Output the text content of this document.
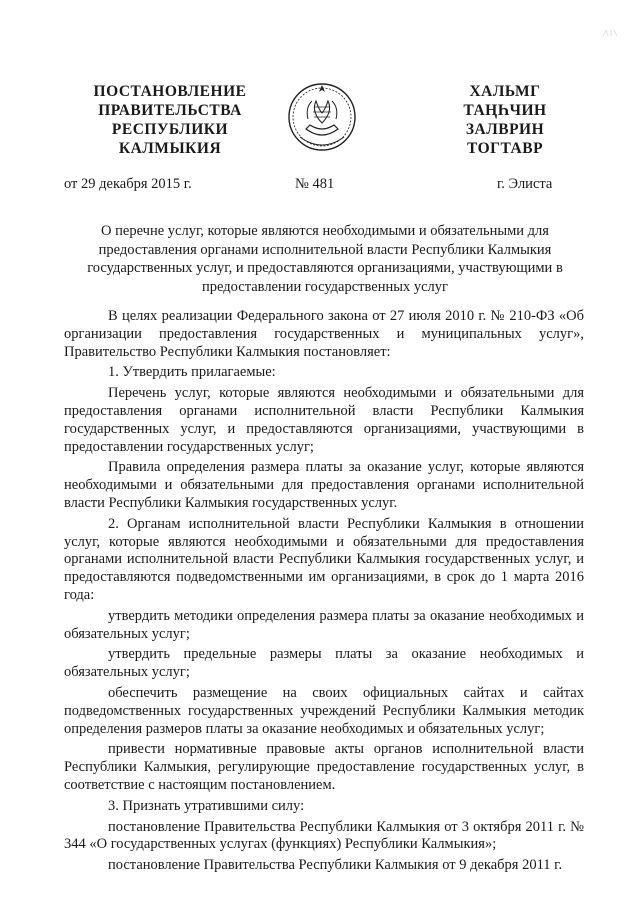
ПОСТАНОВЛЕНИЕ
ПРАВИТЕЛЬСТВА
РЕСПУБЛИКИ
КАЛМЫКИЯ
ХАЛЬМГ
ТАҢҺЧИН
ЗАЛВРИН
ТОГТАВР
от 29 декабря 2015 г.	№ 481	г. Элиста
О перечне услуг, которые являются необходимыми и обязательными для
предоставления органами исполнительной власти Республики Калмыкия
государственных услуг, и предоставляются организациями, участвующими в
предоставлении государственных услуг

В целях реализации Федерального закона от 27 июля 2010 г. № 210-ФЗ «Об организации предоставления государственных и муниципальных услуг», Правительство Республики Калмыкия постановляет:

1. Утвердить прилагаемые:

Перечень услуг, которые являются необходимыми и обязательными для предоставления органами исполнительной власти Республики Калмыкия государственных услуг, и предоставляются организациями, участвующими в предоставлении государственных услуг;

Правила определения размера платы за оказание услуг, которые являются необходимыми и обязательными для предоставления органами исполнительной власти Республики Калмыкия государственных услуг.

2. Органам исполнительной власти Республики Калмыкия в отношении услуг, которые являются необходимыми и обязательными для предоставления органами исполнительной власти Республики Калмыкия государственных услуг, и предоставляются подведомственными им организациями, в срок до 1 марта 2016 года:

утвердить методики определения размера платы за оказание необходимых и обязательных услуг;

утвердить предельные размеры платы за оказание необходимых и обязательных услуг;

обеспечить размещение на своих официальных сайтах и сайтах подведомственных государственных учреждений Республики Калмыкия методик определения размеров платы за оказание необходимых и обязательных услуг;

привести нормативные правовые акты органов исполнительной власти Республики Калмыкия, регулирующие предоставление государственных услуг, в соответствие с настоящим постановлением.

3. Признать утратившими силу:

постановление Правительства Республики Калмыкия от 3 октября 2011 г. № 344 «О государственных услугах (функциях) Республики Калмыкия»;

постановление Правительства Республики Калмыкия от 9 декабря 2011 г.
